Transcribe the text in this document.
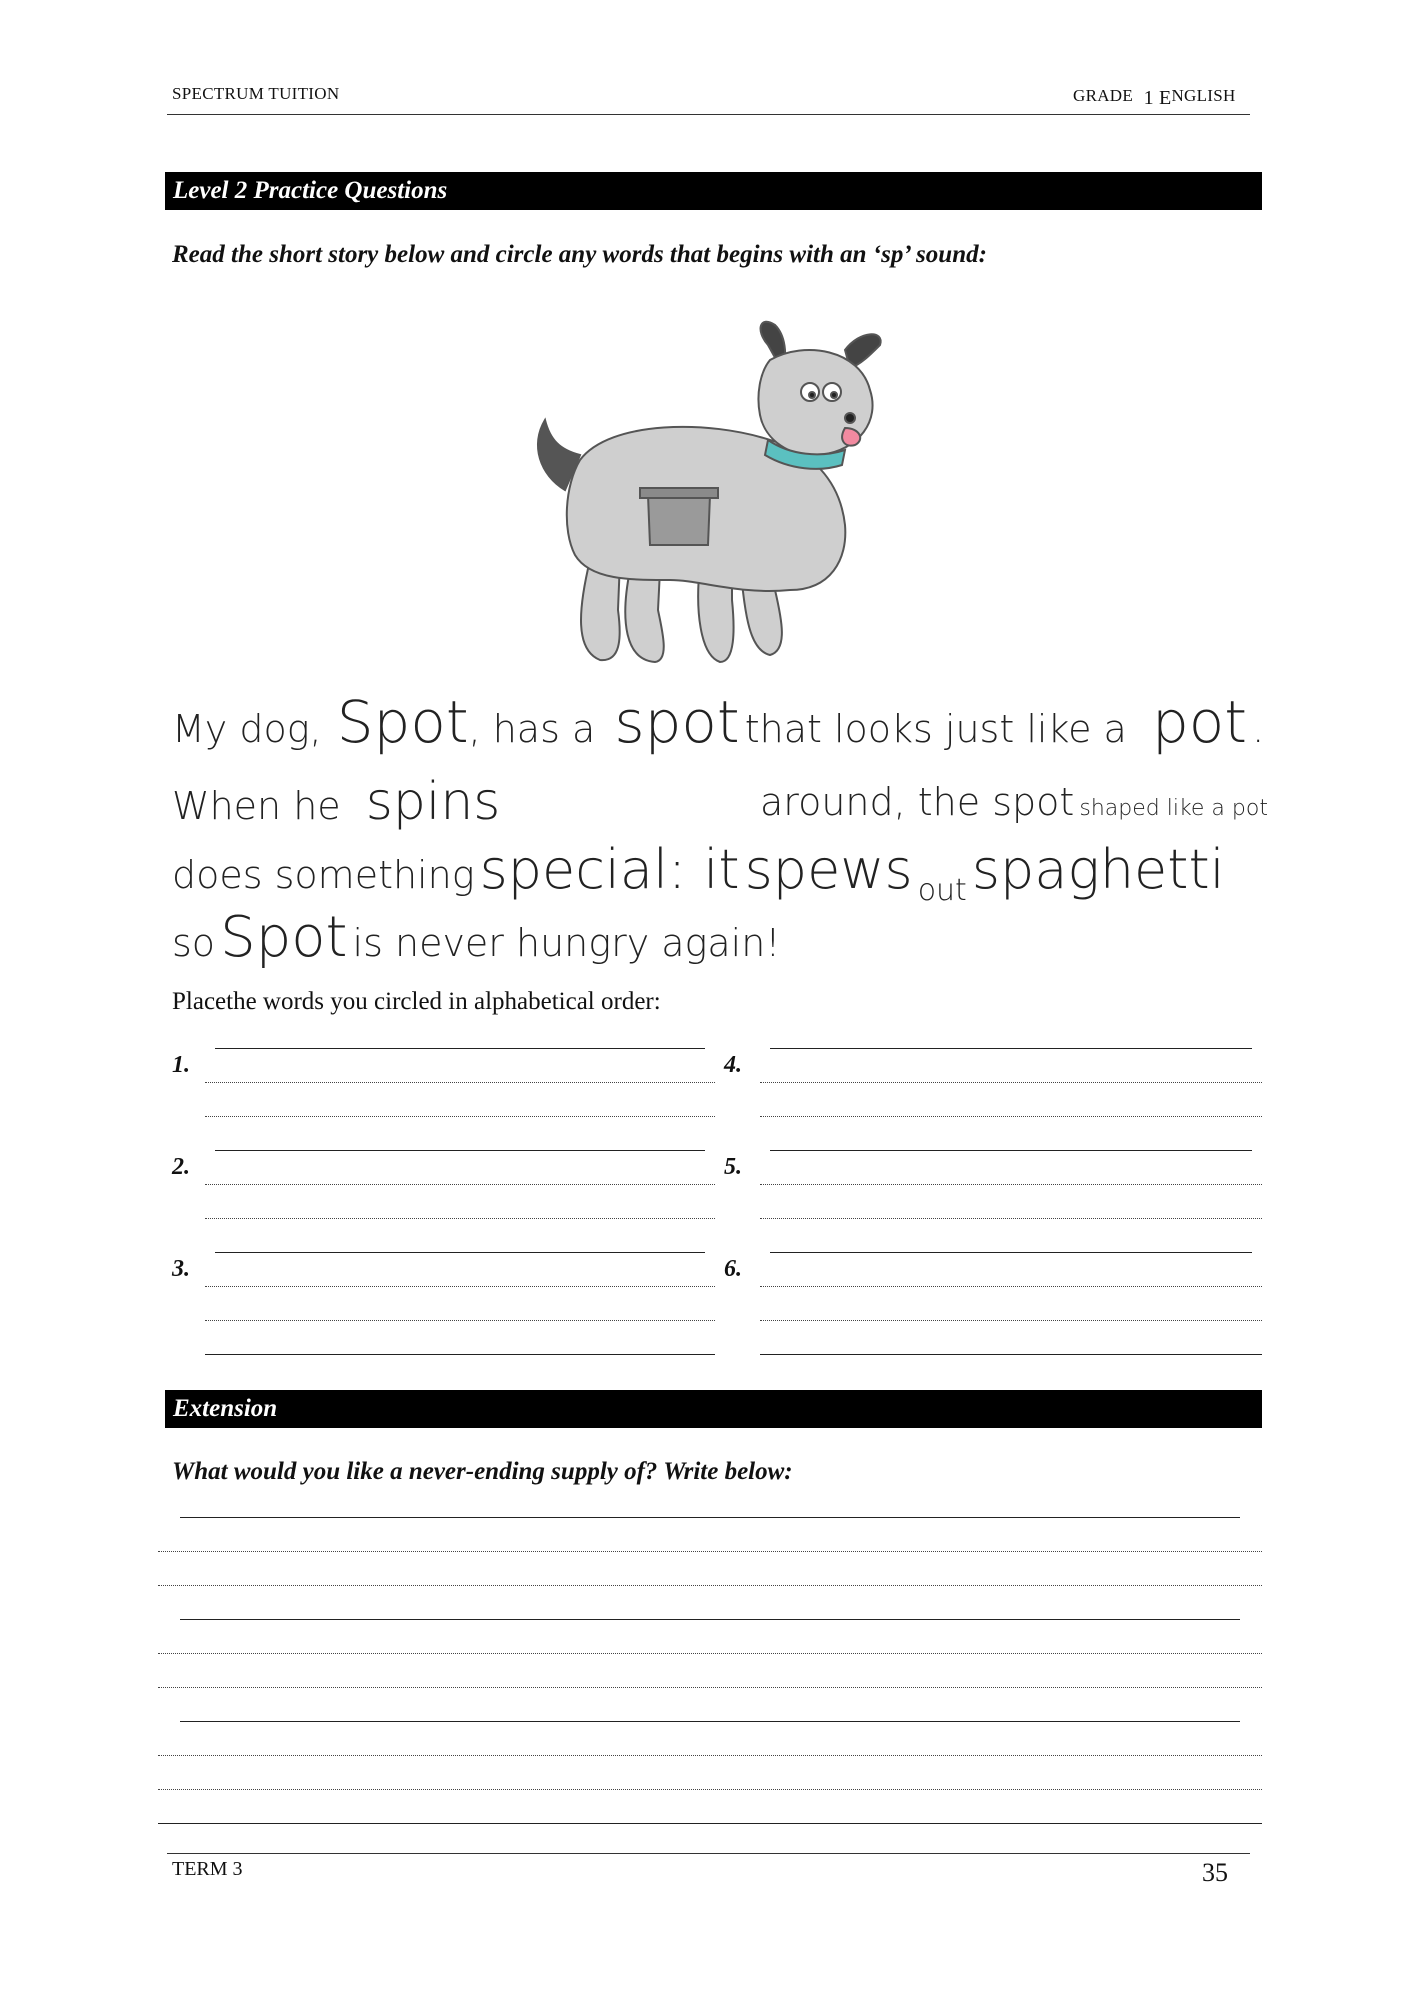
SPECTRUM TUITION	GRADE 1 ENGLISH
Level 2 Practice Questions
Read the short story below and circle any words that begins with an ‘sp’ sound:
My dog, Spot, has a spot that looks just like a pot .
When he spins	around, the spot shaped like a pot
does something special: it spews out spaghetti
so Spot is never hungry again!
Placethe words you circled in alphabetical order:
1.
2.
3.
4.
5.
6.
Extension
What would you like a never-ending supply of? Write below:
TERM 3	35
